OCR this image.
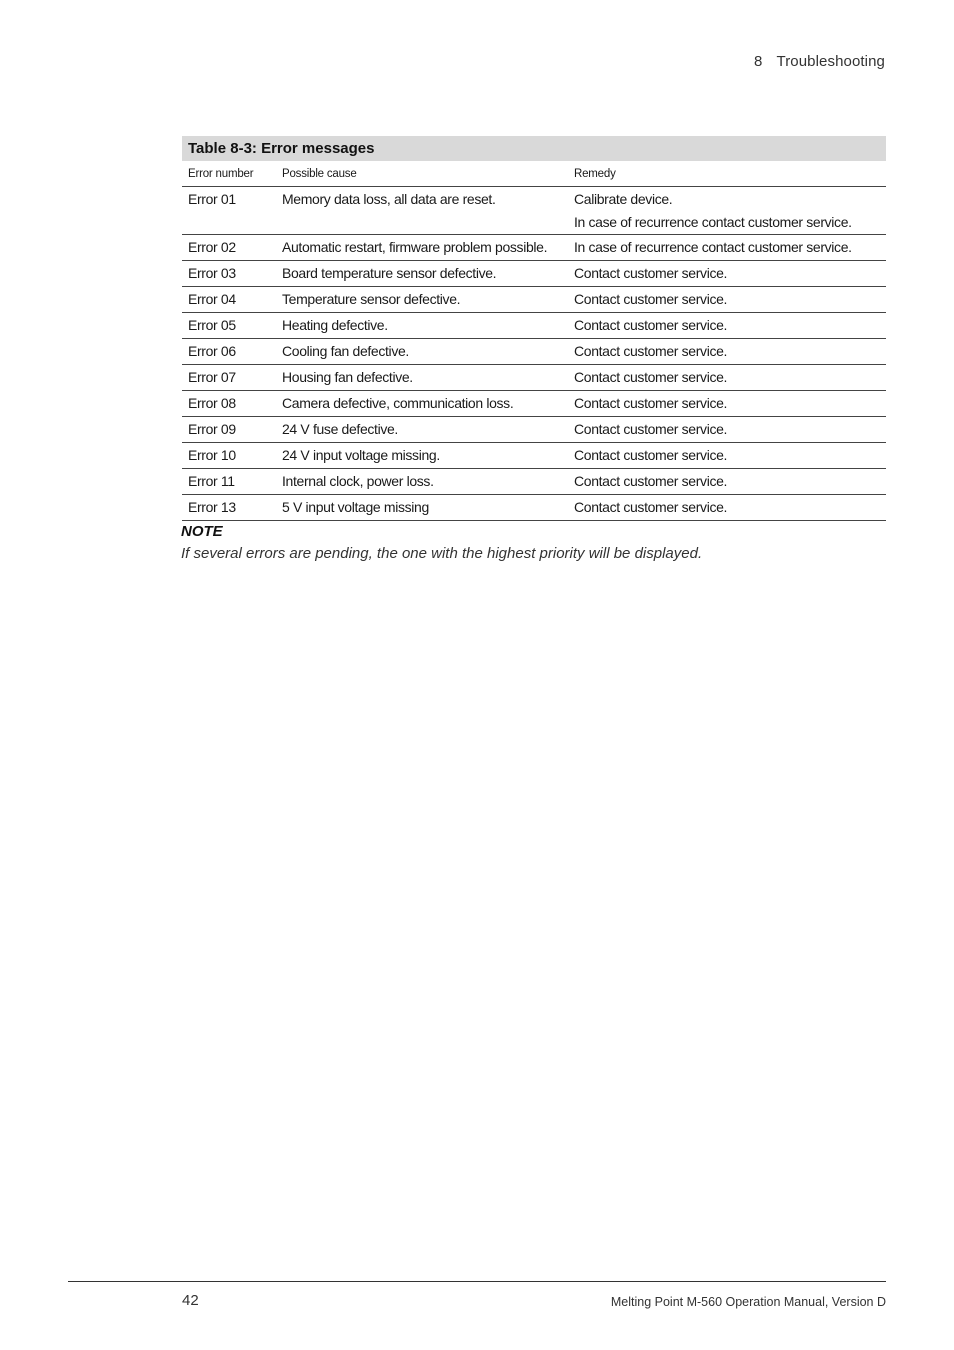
8 Troubleshooting
Table 8-3: Error messages
Error number	Possible cause	Remedy
Error 01	Memory data loss, all data are reset.	Calibrate device.
In case of recurrence contact customer service.

Error 02	Automatic restart, firmware problem possible.	In case of recurrence contact customer service.

Error 03	Board temperature sensor defective.	Contact customer service.

Error 04	Temperature sensor defective.	Contact customer service.

Error 05	Heating defective.	Contact customer service.

Error 06	Cooling fan defective.	Contact customer service.

Error 07	Housing fan defective.	Contact customer service.

Error 08	Camera defective, communication loss.	Contact customer service.

Error 09	24 V fuse defective.	Contact customer service.

Error 10	24 V input voltage missing.	Contact customer service.

Error 11	Internal clock, power loss.	Contact customer service.

Error 13	5 V input voltage missing	Contact customer service.
NOTE
If several errors are pending, the one with the highest priority will be displayed.
42	Melting Point M-560 Operation Manual, Version D
